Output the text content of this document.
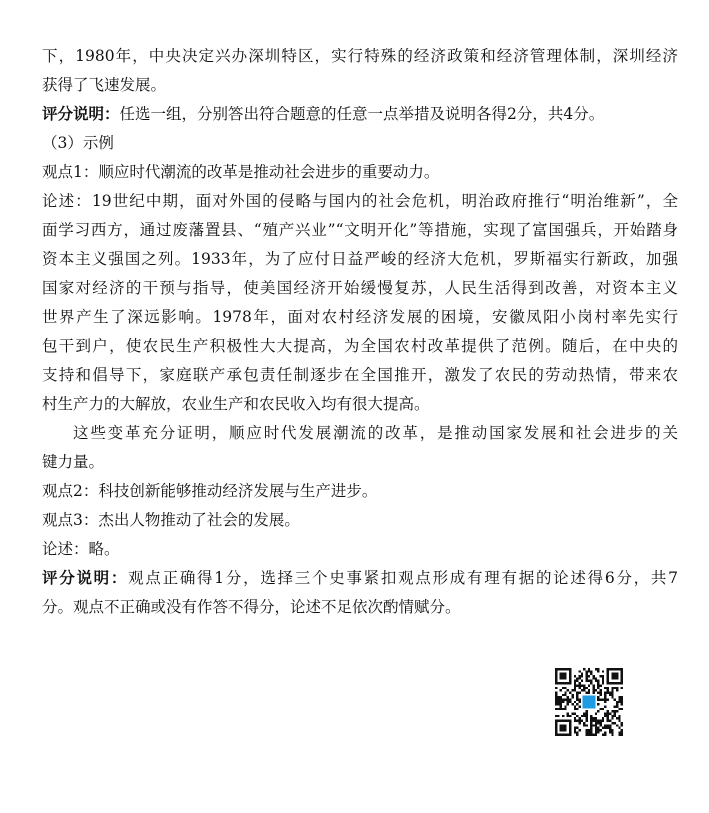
下，1980年，中央决定兴办深圳特区，实行特殊的经济政策和经济管理体制，深圳经济
获得了飞速发展。
评分说明：任选一组，分别答出符合题意的任意一点举措及说明各得2分，共4分。
（3）示例
观点1：顺应时代潮流的改革是推动社会进步的重要动力。
论述：19世纪中期，面对外国的侵略与国内的社会危机，明治政府推行“明治维新”，全
面学习西方，通过废藩置县、“殖产兴业”“文明开化”等措施，实现了富国强兵，开始踏身
资本主义强国之列。1933年，为了应付日益严峻的经济大危机，罗斯福实行新政，加强
国家对经济的干预与指导，使美国经济开始缓慢复苏，人民生活得到改善，对资本主义
世界产生了深远影响。1978年，面对农村经济发展的困境，安徽凤阳小岗村率先实行
包干到户，使农民生产积极性大大提高，为全国农村改革提供了范例。随后，在中央的
支持和倡导下，家庭联产承包责任制逐步在全国推开，激发了农民的劳动热情，带来农
村生产力的大解放，农业生产和农民收入均有很大提高。
这些变革充分证明，顺应时代发展潮流的改革，是推动国家发展和社会进步的关
键力量。
观点2：科技创新能够推动经济发展与生产进步。
观点3：杰出人物推动了社会的发展。
论述：略。
评分说明：观点正确得1分，选择三个史事紧扣观点形成有理有据的论述得6分，共7
分。观点不正确或没有作答不得分，论述不足依次酌情赋分。
